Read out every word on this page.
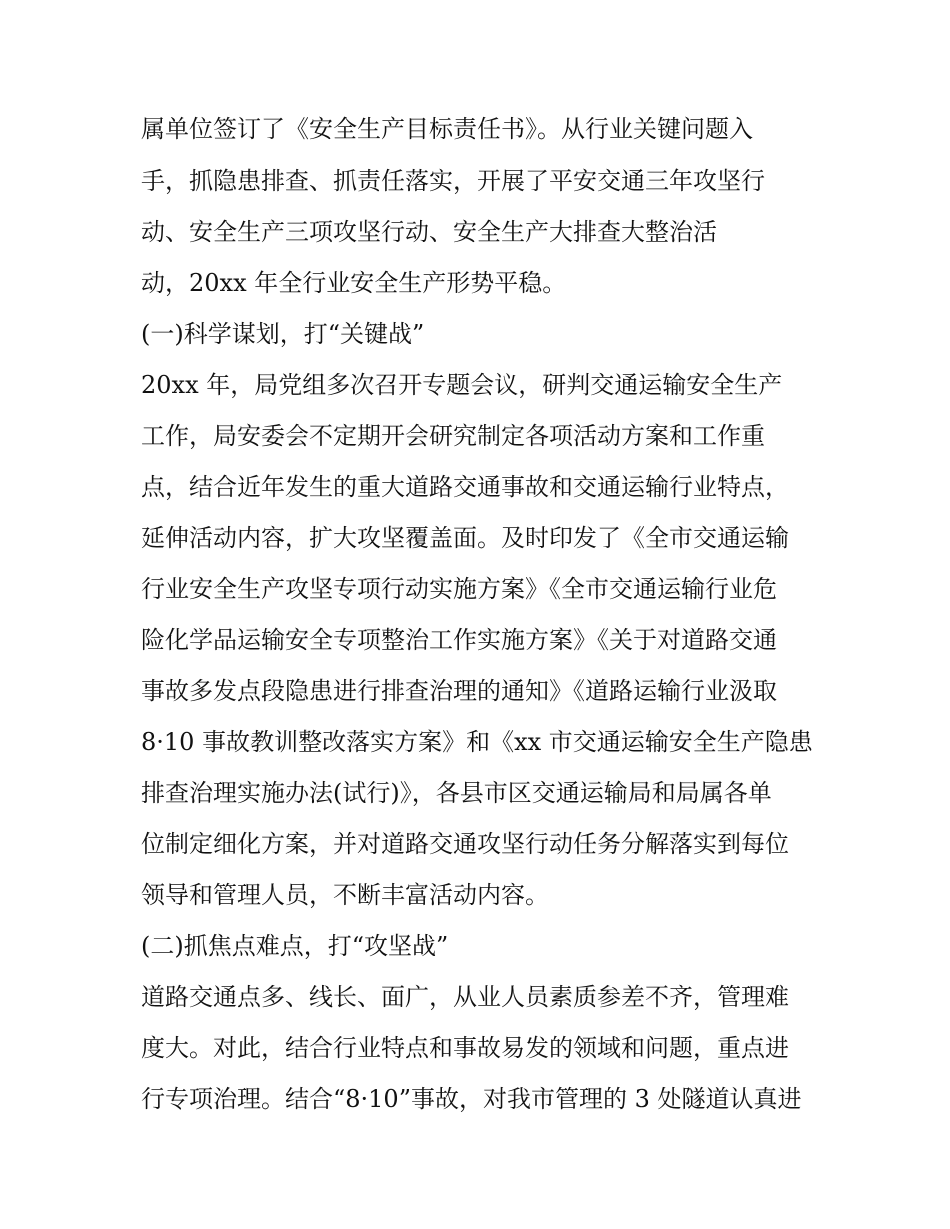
属单位签订了《安全生产目标责任书》。从行业关键问题入

手，抓隐患排查、抓责任落实，开展了平安交通三年攻坚行

动、安全生产三项攻坚行动、安全生产大排查大整治活

动，20xx 年全行业安全生产形势平稳。

(一)科学谋划，打“关键战”

20xx 年，局党组多次召开专题会议，研判交通运输安全生产

工作，局安委会不定期开会研究制定各项活动方案和工作重

点，结合近年发生的重大道路交通事故和交通运输行业特点，

延伸活动内容，扩大攻坚覆盖面。及时印发了《全市交通运输

行业安全生产攻坚专项行动实施方案》《全市交通运输行业危

险化学品运输安全专项整治工作实施方案》《关于对道路交通

事故多发点段隐患进行排查治理的通知》《道路运输行业汲取

8·10 事故教训整改落实方案》和《xx 市交通运输安全生产隐患

排查治理实施办法(试行)》，各县市区交通运输局和局属各单

位制定细化方案，并对道路交通攻坚行动任务分解落实到每位

领导和管理人员，不断丰富活动内容。

(二)抓焦点难点，打“攻坚战”

道路交通点多、线长、面广，从业人员素质参差不齐，管理难

度大。对此，结合行业特点和事故易发的领域和问题，重点进

行专项治理。结合“8·10”事故，对我市管理的 3 处隧道认真进
